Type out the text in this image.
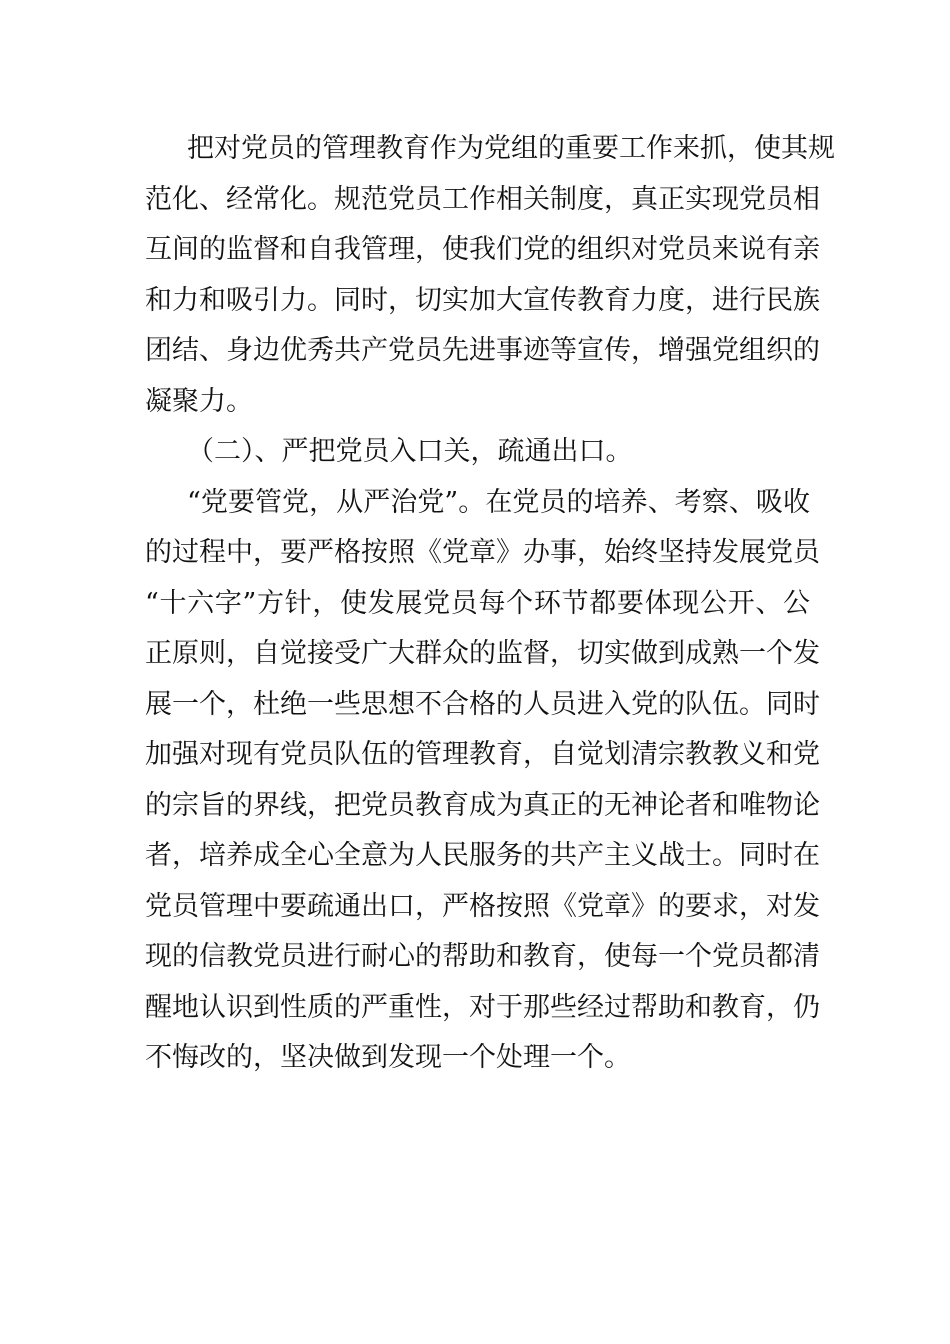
把对党员的管理教育作为党组的重要工作来抓，使其规
范化、经常化。规范党员工作相关制度，真正实现党员相
互间的监督和自我管理，使我们党的组织对党员来说有亲
和力和吸引力。同时，切实加大宣传教育力度，进行民族
团结、身边优秀共产党员先进事迹等宣传，增强党组织的
凝聚力。
（二）、严把党员入口关，疏通出口。
“党要管党，从严治党”。在党员的培养、考察、吸收
的过程中，要严格按照《党章》办事，始终坚持发展党员
“十六字”方针，使发展党员每个环节都要体现公开、公
正原则，自觉接受广大群众的监督，切实做到成熟一个发
展一个，杜绝一些思想不合格的人员进入党的队伍。同时
加强对现有党员队伍的管理教育，自觉划清宗教教义和党
的宗旨的界线，把党员教育成为真正的无神论者和唯物论
者，培养成全心全意为人民服务的共产主义战士。同时在
党员管理中要疏通出口，严格按照《党章》的要求，对发
现的信教党员进行耐心的帮助和教育，使每一个党员都清
醒地认识到性质的严重性，对于那些经过帮助和教育，仍
不悔改的，坚决做到发现一个处理一个。
